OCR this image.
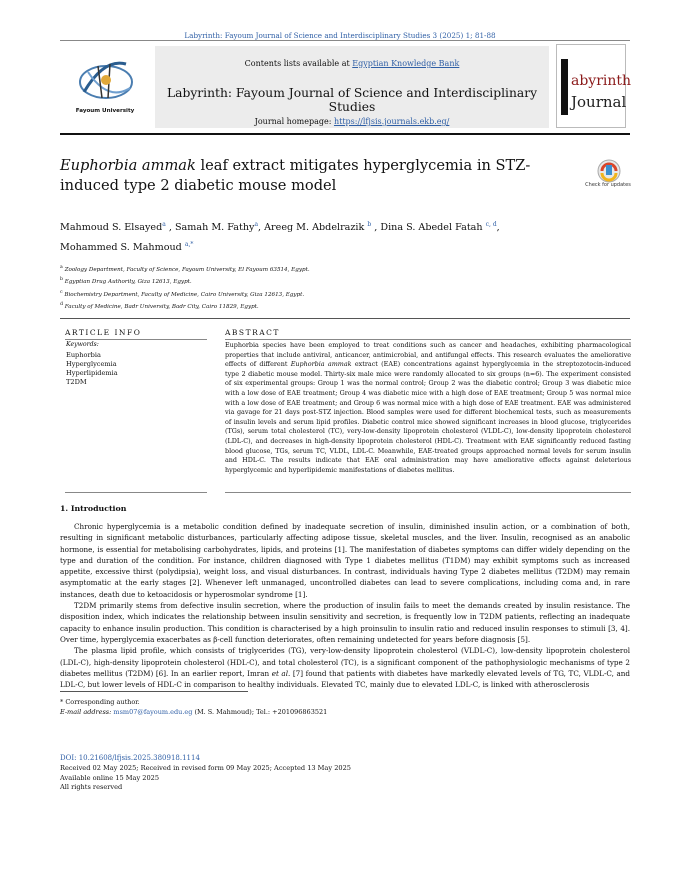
Labyrinth: Fayoum Journal of Science and Interdisciplinary Studies 3 (2025) 1; 81-88
Fayoum University
Contents lists available at Egyptian Knowledge Bank
Labyrinth: Fayoum Journal of Science and Interdisciplinary Studies
Journal homepage: https://lfjsis.journals.ekb.eg/
abyrinth
Journal
Euphorbia ammak leaf extract mitigates hyperglycemia in STZ-induced type 2 diabetic mouse model	Check for updates
Mahmoud S. Elsayed$^a$ , Samah M. Fathy$^a$, Areeg M. Abdelrazik $^b$ , Dina S. Abedel Fatah $^{c, d}$,
Mohammed S. Mahmoud $^{a,*}$
$^a$ Zoology Department, Faculty of Science, Fayoum University, El Fayoum 63514, Egypt.
$^b$ Egyptian Drug Authority, Giza 12613, Egypt.
$^c$ Biochemistry Department, Faculty of Medicine, Cairo University, Giza 12613, Egypt.
$^d$ Faculty of Medicine, Badr University, Badr City, Cairo 11829, Egypt.
ARTICLE INFO
Keywords:
Euphorbia
Hyperglycemia
Hyperlipidemia
T2DM
ABSTRACT
Euphorbia species have been employed to treat conditions such as cancer and headaches, exhibiting pharmacological properties that include antiviral, anticancer, antimicrobial, and antifungal effects. This research evaluates the ameliorative effects of different Euphorbia ammak extract (EAE) concentrations against hyperglycemia in the streptozotocin-induced type 2 diabetic mouse model. Thirty-six male mice were randomly allocated to six groups (n=6). The experiment consisted of six experimental groups: Group 1 was the normal control; Group 2 was the diabetic control; Group 3 was diabetic mice with a low dose of EAE treatment; Group 4 was diabetic mice with a high dose of EAE treatment; Group 5 was normal mice with a low dose of EAE treatment; and Group 6 was normal mice with a high dose of EAE treatment. EAE was administered via gavage for 21 days post-STZ injection. Blood samples were used for different biochemical tests, such as measurements of insulin levels and serum lipid profiles. Diabetic control mice showed significant increases in blood glucose, triglycerides (TGs), serum total cholesterol (TC), very-low-density lipoprotein cholesterol (VLDL-C), low-density lipoprotein cholesterol (LDL-C), and decreases in high-density lipoprotein cholesterol (HDL-C). Treatment with EAE significantly reduced fasting blood glucose, TGs, serum TC, VLDL, LDL-C. Meanwhile, EAE-treated groups approached normal levels for serum insulin and HDL-C. The results indicate that EAE oral administration may have ameliorative effects against deleterious hyperglycemic and hyperlipidemic manifestations of diabetes mellitus.
1. Introduction

Chronic hyperglycemia is a metabolic condition defined by inadequate secretion of insulin, diminished insulin action, or a combination of both, resulting in significant metabolic disturbances, particularly affecting adipose tissue, skeletal muscles, and the liver. Insulin, recognised as an anabolic hormone, is essential for metabolising carbohydrates, lipids, and proteins [1]. The manifestation of diabetes symptoms can differ widely depending on the type and duration of the condition. For instance, children diagnosed with Type 1 diabetes mellitus (T1DM) may exhibit symptoms such as increased appetite, excessive thirst (polydipsia), weight loss, and visual disturbances. In contrast, individuals having Type 2 diabetes mellitus (T2DM) may remain asymptomatic at the early stages [2]. Whenever left unmanaged, uncontrolled diabetes can lead to severe complications, including coma and, in rare instances, death due to ketoacidosis or hyperosmolar syndrome [1].

T2DM primarily stems from defective insulin secretion, where the production of insulin fails to meet the demands created by insulin resistance. The disposition index, which indicates the relationship between insulin sensitivity and secretion, is frequently low in T2DM patients, reflecting an inadequate capacity to enhance insulin production. This condition is characterised by a high proinsulin to insulin ratio and reduced insulin responses to stimuli [3, 4]. Over time, hyperglycemia exacerbates as β-cell function deteriorates, often remaining undetected for years before diagnosis [5].

The plasma lipid profile, which consists of triglycerides (TG), very-low-density lipoprotein cholesterol (VLDL-C), low-density lipoprotein cholesterol (LDL-C), high-density lipoprotein cholesterol (HDL-C), and total cholesterol (TC), is a significant component of the pathophysiologic mechanisms of type 2 diabetes mellitus (T2DM) [6]. In an earlier report, Imran et al. [7] found that patients with diabetes have markedly elevated levels of TG, TC, VLDL-C, and LDL-C, but lower levels of HDL-C in comparison to healthy individuals. Elevated TC, mainly due to elevated LDL-C, is linked with atherosclerosis

* Corresponding author.
E-mail address: msm07@fayoum.edu.eg (M. S. Mahmoud); Tel.: +201096863521
DOI: 10.21608/lfjsis.2025.380918.1114
Received 02 May 2025; Received in revised form 09 May 2025; Accepted 13 May 2025
Available online 15 May 2025
All rights reserved
